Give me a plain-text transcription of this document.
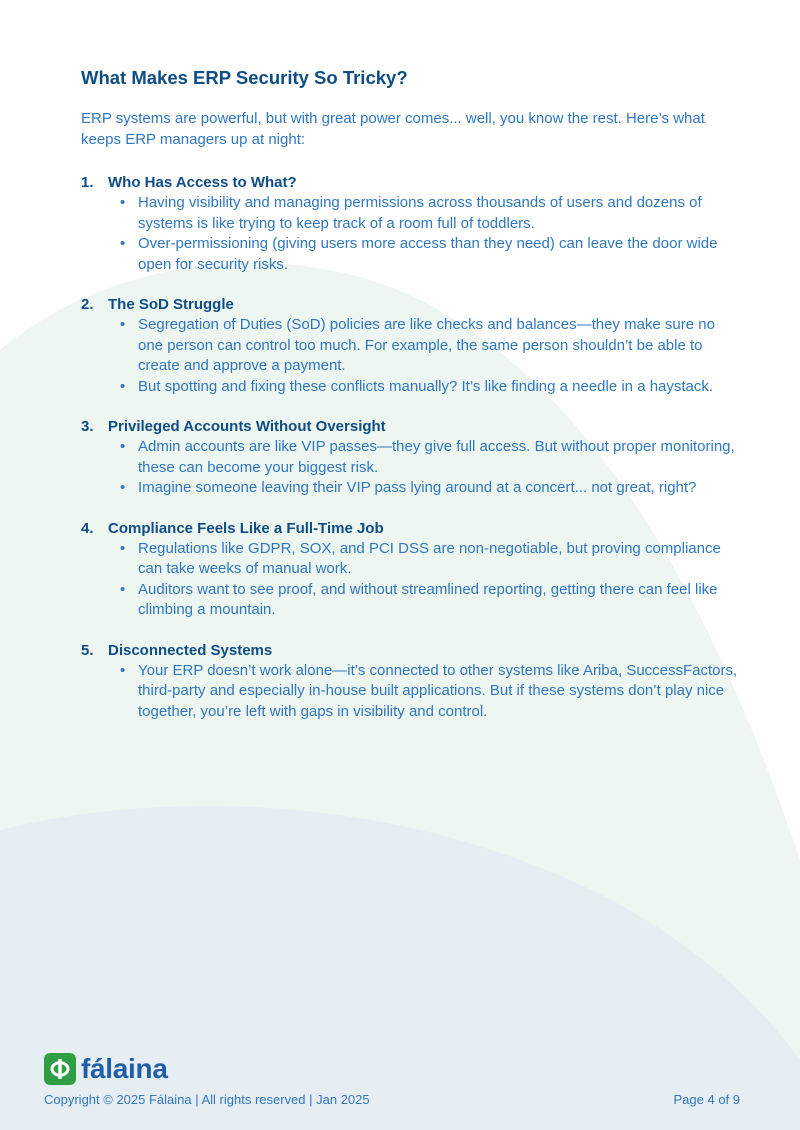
What Makes ERP Security So Tricky?

ERP systems are powerful, but with great power comes... well, you know the rest. Here’s what keeps ERP managers up at night:

1. Who Has Access to What?
• Having visibility and managing permissions across thousands of users and dozens of systems is like trying to keep track of a room full of toddlers.
• Over-permissioning (giving users more access than they need) can leave the door wide open for security risks.
2. The SoD Struggle
• Segregation of Duties (SoD) policies are like checks and balances—they make sure no one person can control too much. For example, the same person shouldn’t be able to create and approve a payment.
• But spotting and fixing these conflicts manually? It’s like finding a needle in a haystack.
3. Privileged Accounts Without Oversight
• Admin accounts are like VIP passes—they give full access. But without proper monitoring, these can become your biggest risk.
• Imagine someone leaving their VIP pass lying around at a concert... not great, right?
4. Compliance Feels Like a Full-Time Job
• Regulations like GDPR, SOX, and PCI DSS are non-negotiable, but proving compliance can take weeks of manual work.
• Auditors want to see proof, and without streamlined reporting, getting there can feel like climbing a mountain.
5. Disconnected Systems
• Your ERP doesn’t work alone—it’s connected to other systems like Ariba, SuccessFactors, third-party and especially in-house built applications. But if these systems don’t play nice together, you’re left with gaps in visibility and control.
fálaina
Copyright © 2025 Fálaina | All rights reserved | Jan 2025	Page 4 of 9
